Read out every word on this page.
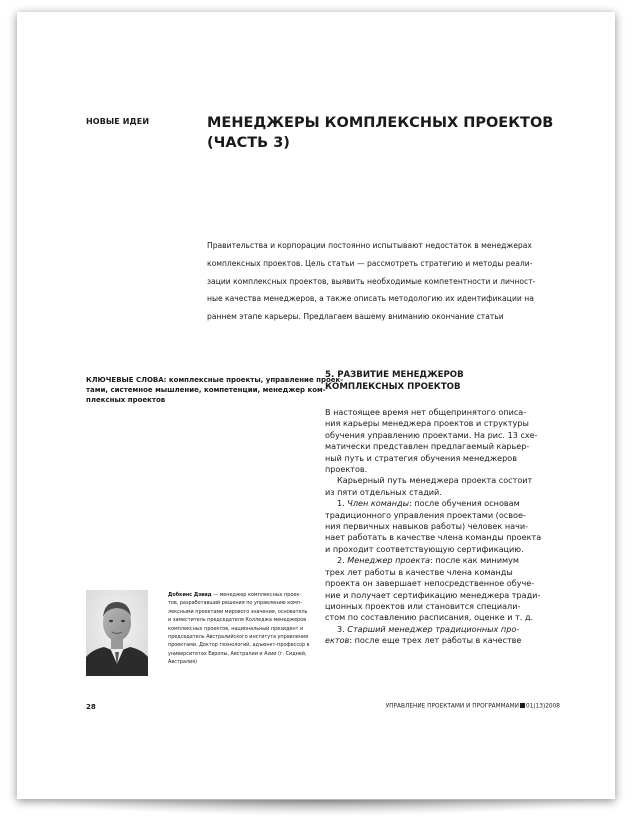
НОВЫЕ ИДЕИ	МЕНЕДЖЕРЫ КОМПЛЕКСНЫХ ПРОЕКТОВ
(ЧАСТЬ 3)
Правительства и корпорации постоянно испытывают недостаток в менеджерах
комплексных проектов. Цель статьи — рассмотреть стратегию и методы реали-
зации комплексных проектов, выявить необходимые компетентности и личност-
ные качества менеджеров, а также описать методологию их идентификации на
раннем этапе карьеры. Предлагаем вашему вниманию окончание статьи
КЛЮЧЕВЫЕ СЛОВА: комплексные проекты, управление проек-
тами, системное мышление, компетенции, менеджер ком-
плексных проектов
5. РАЗВИТИЕ МЕНЕДЖЕРОВ
КОМПЛЕКСНЫХ ПРОЕКТОВ
В настоящее время нет общепринятого описа-
ния карьеры менеджера проектов и структуры
обучения управлению проектами. На рис. 13 схе-
матически представлен предлагаемый карьер-
ный путь и стратегия обучения менеджеров
проектов.
Карьерный путь менеджера проекта состоит
из пяти отдельных стадий.
1. Член команды: после обучения основам
традиционного управления проектами (освое-
ния первичных навыков работы) человек начи-
нает работать в качестве члена команды проекта
и проходит соответствующую сертификацию.
2. Менеджер проекта: после как минимум
трех лет работы в качестве члена команды
проекта он завершает непосредственное обуче-
ние и получает сертификацию менеджера тради-
ционных проектов или становится специали-
стом по составлению расписания, оценке и т. д.
3. Старший менеджер традиционных про-
ектов: после еще трех лет работы в качестве
Добкинс Дэвид — менеджер комплексных проек-
тов, разработавший решения по управлению комп-
лексными проектами мирового значения, основатель
и заместитель председателя Колледжа менеджеров
комплексных проектов, национальный президент и
председатель Австралийского института управления
проектами. Доктор технологий, адъюнкт-профессор в
университетах Европы, Австралии и Азии (г. Сидней,
Австралия)
28	УПРАВЛЕНИЕ ПРОЕКТАМИ И ПРОГРАММАМИ 01(13)2008
